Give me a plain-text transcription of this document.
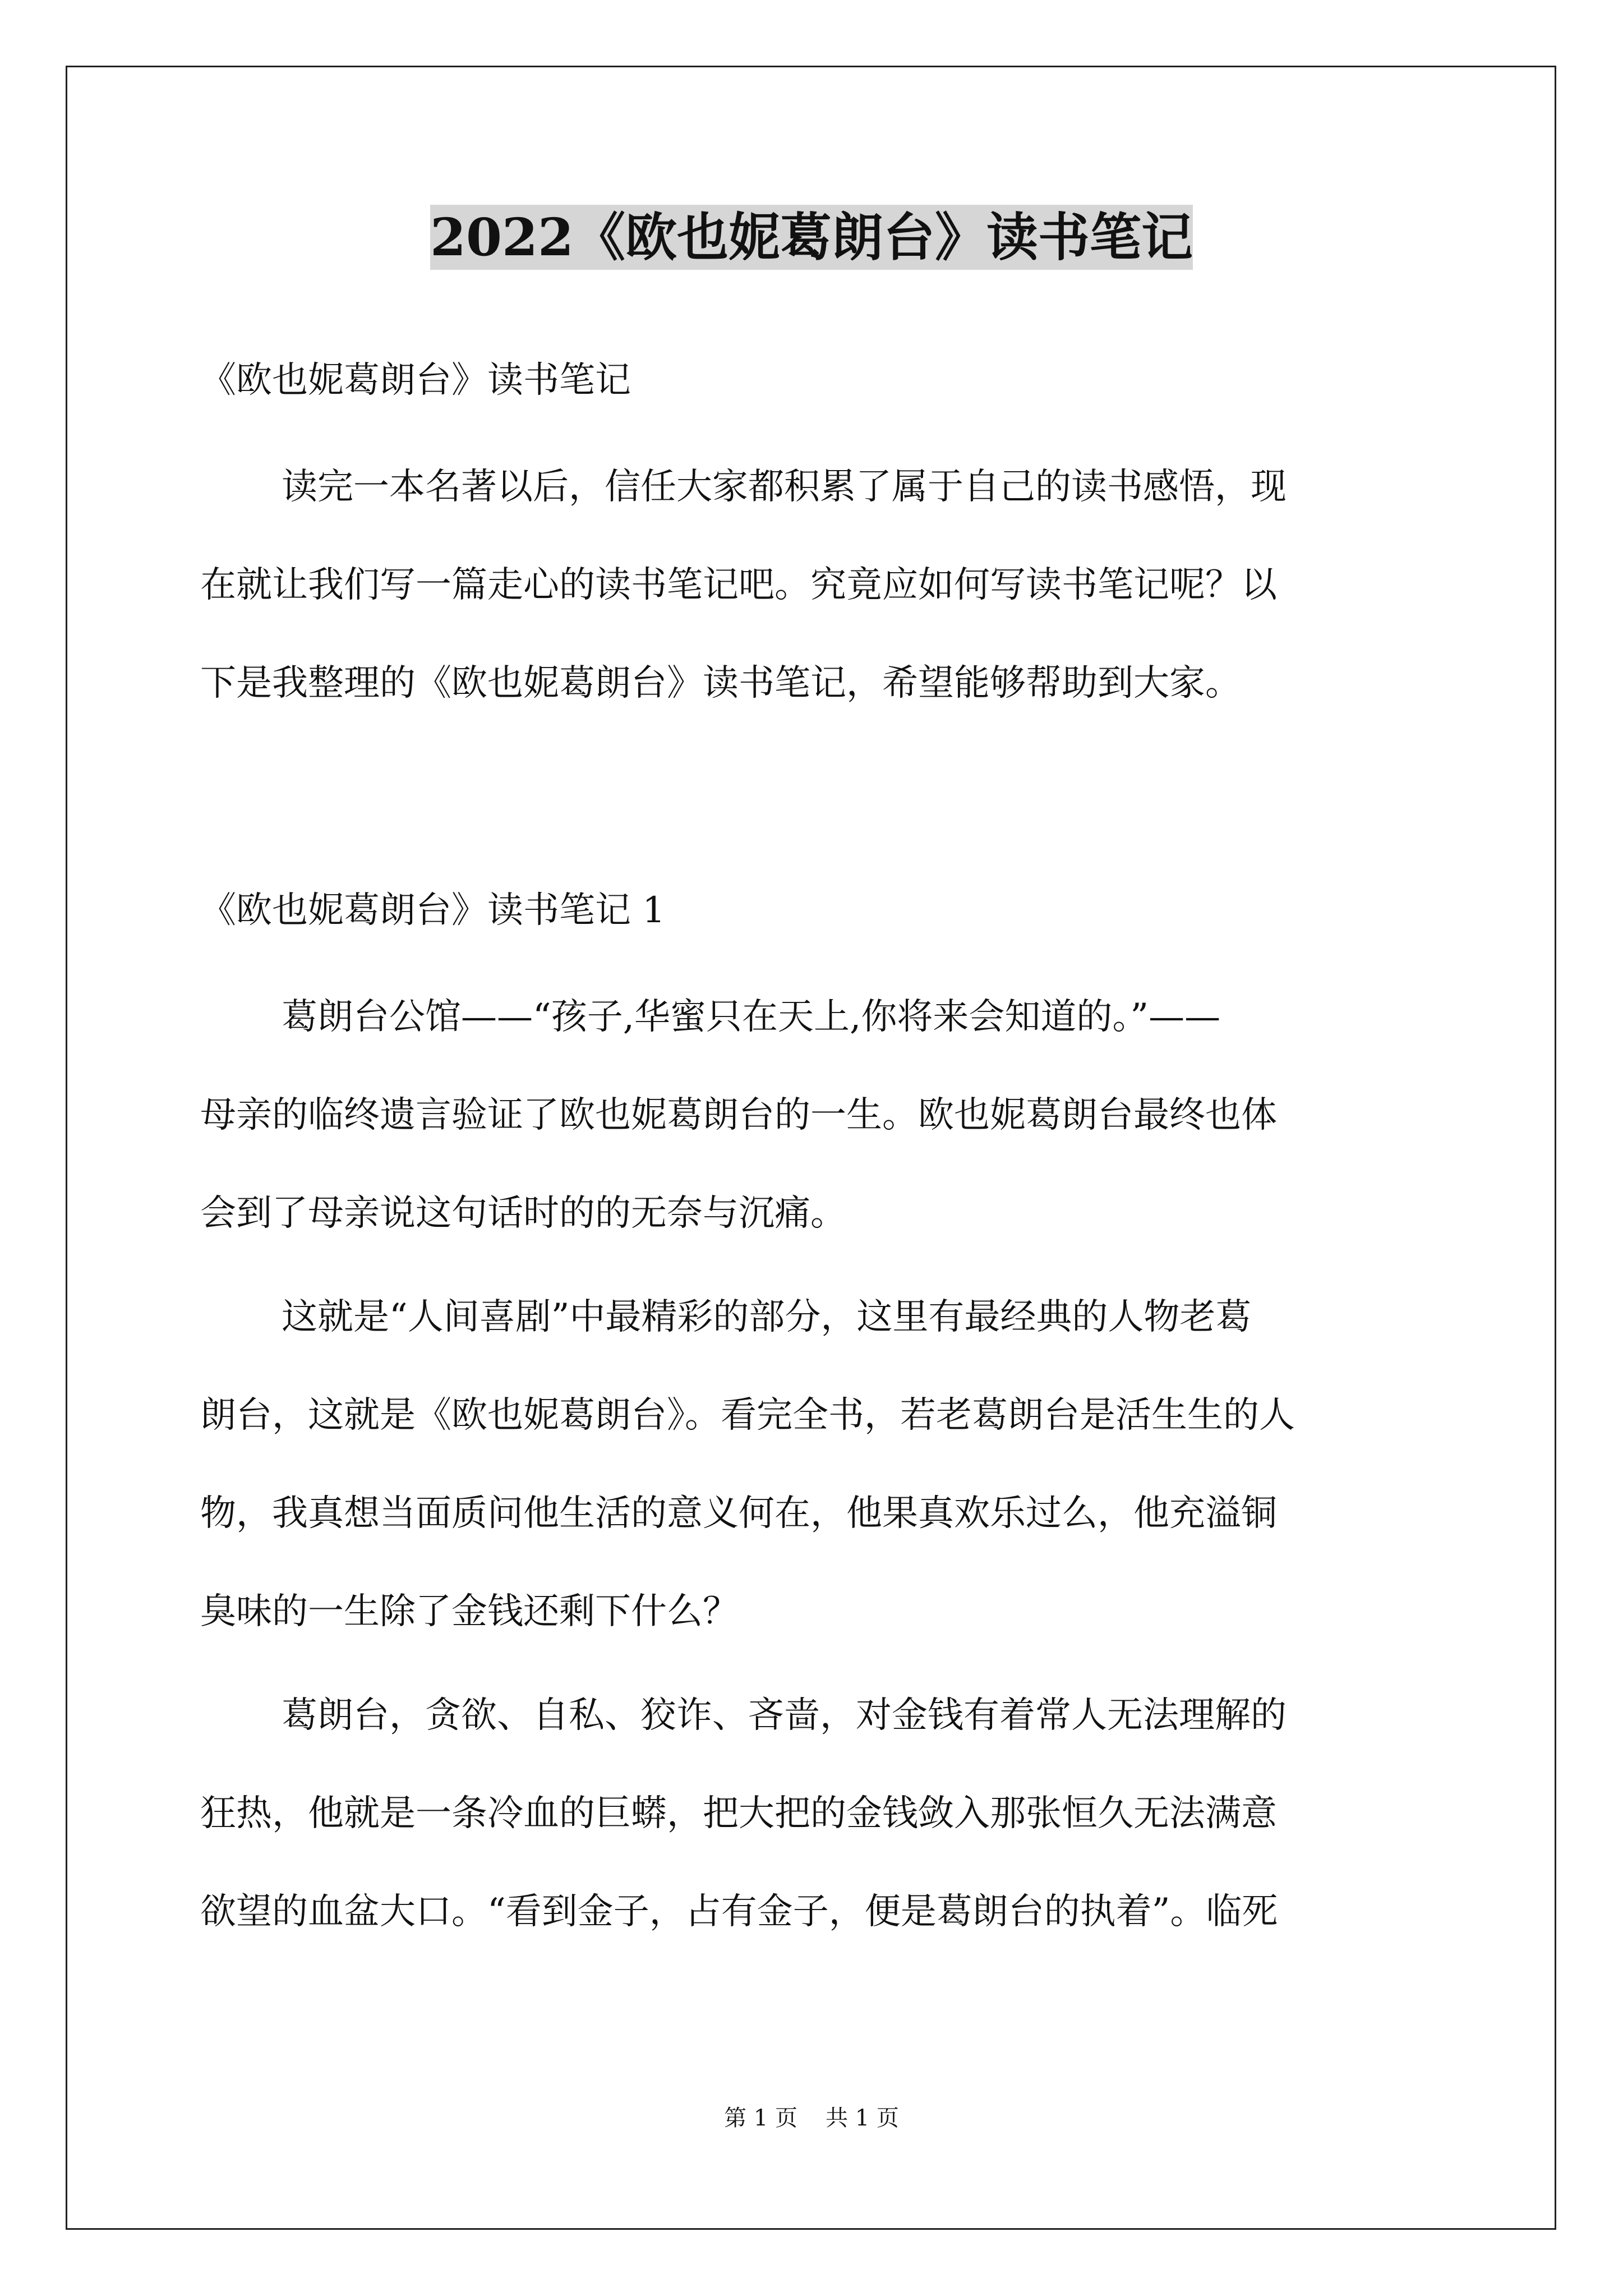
2022《欧也妮葛朗台》读书笔记
《欧也妮葛朗台》读书笔记
读完一本名著以后，信任大家都积累了属于自己的读书感悟，现
在就让我们写一篇走心的读书笔记吧。究竟应如何写读书笔记呢？以
下是我整理的《欧也妮葛朗台》读书笔记，希望能够帮助到大家。
《欧也妮葛朗台》读书笔记 1
葛朗台公馆——“孩子,华蜜只在天上,你将来会知道的。”——
母亲的临终遗言验证了欧也妮葛朗台的一生。欧也妮葛朗台最终也体
会到了母亲说这句话时的的无奈与沉痛。
这就是“人间喜剧”中最精彩的部分，这里有最经典的人物老葛
朗台，这就是《欧也妮葛朗台》。看完全书，若老葛朗台是活生生的人
物，我真想当面质问他生活的意义何在，他果真欢乐过么，他充溢铜
臭味的一生除了金钱还剩下什么？
葛朗台，贪欲、自私、狡诈、吝啬，对金钱有着常人无法理解的
狂热，他就是一条冷血的巨蟒，把大把的金钱敛入那张恒久无法满意
欲望的血盆大口。“看到金子，占有金子，便是葛朗台的执着”。临死
第 1 页 共 1 页
